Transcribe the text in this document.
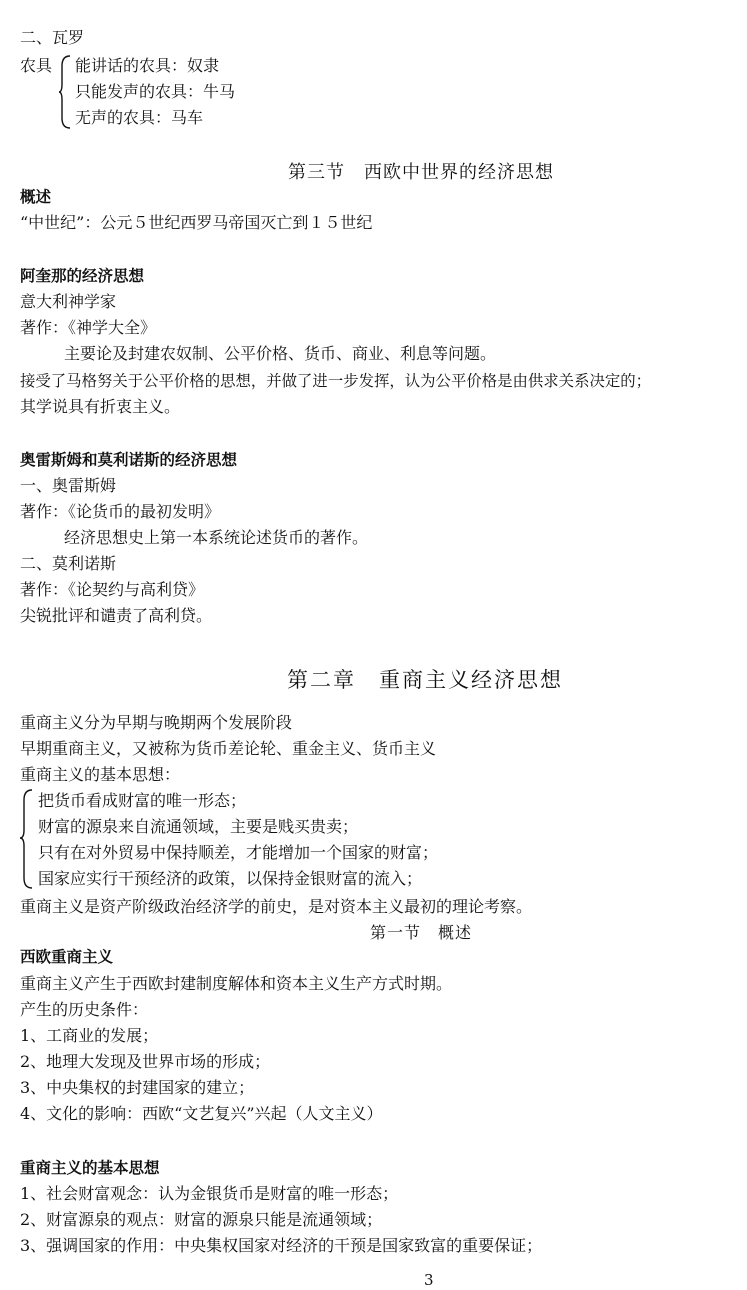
二、瓦罗
农具 能讲话的农具：奴隶
只能发声的农具：牛马
无声的农具：马车
第三节　西欧中世界的经济思想
概述
“中世纪”：公元５世纪西罗马帝国灭亡到１５世纪
阿奎那的经济思想
意大利神学家
著作：《神学大全》
主要论及封建农奴制、公平价格、货币、商业、利息等问题。
接受了马格努关于公平价格的思想，并做了进一步发挥，认为公平价格是由供求关系决定的；
其学说具有折衷主义。
奥雷斯姆和莫利诺斯的经济思想
一、奥雷斯姆
著作：《论货币的最初发明》
经济思想史上第一本系统论述货币的著作。
二、莫利诺斯
著作：《论契约与高利贷》
尖锐批评和谴责了高利贷。
第二章　重商主义经济思想
重商主义分为早期与晚期两个发展阶段
早期重商主义，又被称为货币差论轮、重金主义、货币主义
重商主义的基本思想：
把货币看成财富的唯一形态；
财富的源泉来自流通领域，主要是贱买贵卖；
只有在对外贸易中保持顺差，才能增加一个国家的财富；
国家应实行干预经济的政策，以保持金银财富的流入；
重商主义是资产阶级政治经济学的前史，是对资本主义最初的理论考察。
第一节　概述
西欧重商主义
重商主义产生于西欧封建制度解体和资本主义生产方式时期。
产生的历史条件：
1、工商业的发展；
2、地理大发现及世界市场的形成；
3、中央集权的封建国家的建立；
4、文化的影响：西欧“文艺复兴”兴起（人文主义）
重商主义的基本思想
1、社会财富观念：认为金银货币是财富的唯一形态；
2、财富源泉的观点：财富的源泉只能是流通领域；
3、强调国家的作用：中央集权国家对经济的干预是国家致富的重要保证；
3
